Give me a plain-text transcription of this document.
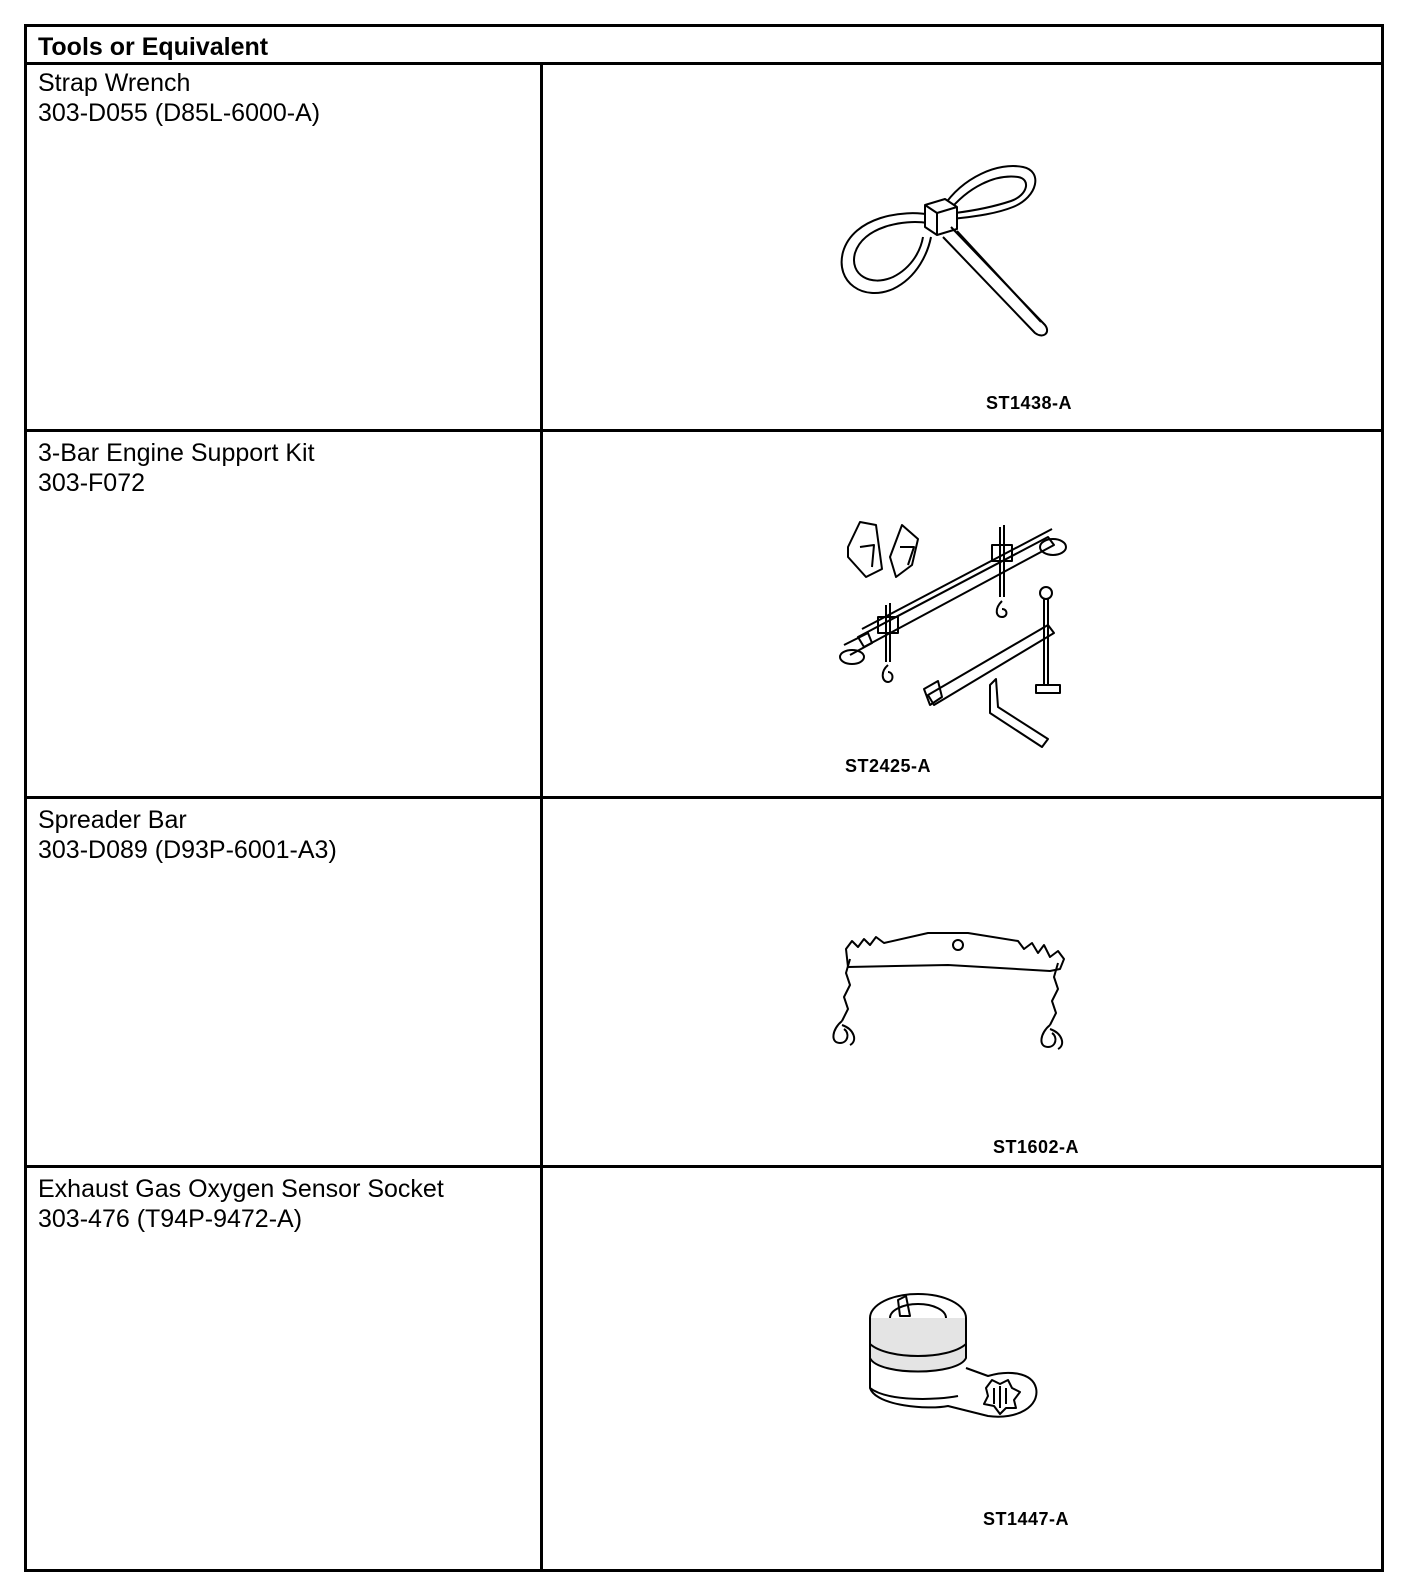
Tools or Equivalent
Strap Wrench
303-D055 (D85L-6000-A)
ST1438-A
3-Bar Engine Support Kit
303-F072
ST2425-A
Spreader Bar
303-D089 (D93P-6001-A3)
ST1602-A
Exhaust Gas Oxygen Sensor Socket
303-476 (T94P-9472-A)
ST1447-A
